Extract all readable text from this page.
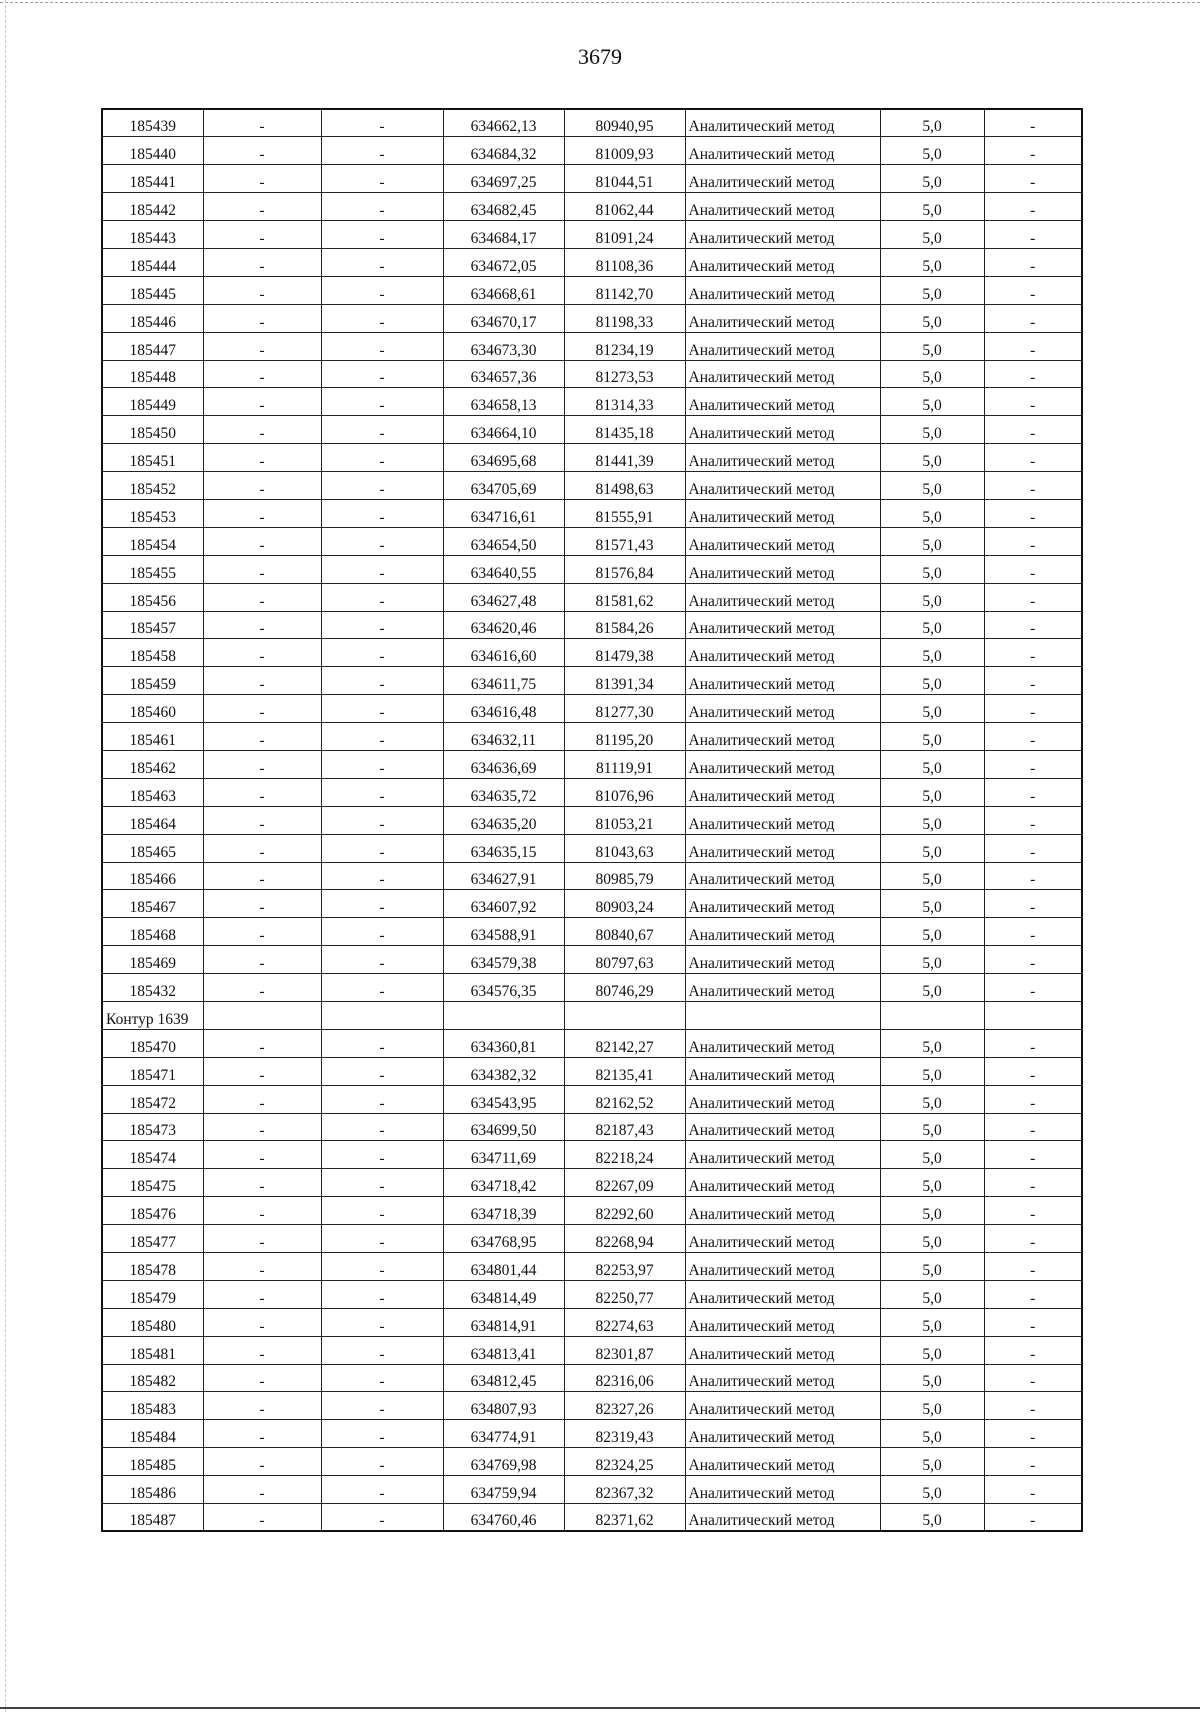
3679
185439	-	-	634662,13	80940,95	Аналитический метод	5,0	-
185440	-	-	634684,32	81009,93	Аналитический метод	5,0	-
185441	-	-	634697,25	81044,51	Аналитический метод	5,0	-
185442	-	-	634682,45	81062,44	Аналитический метод	5,0	-
185443	-	-	634684,17	81091,24	Аналитический метод	5,0	-
185444	-	-	634672,05	81108,36	Аналитический метод	5,0	-
185445	-	-	634668,61	81142,70	Аналитический метод	5,0	-
185446	-	-	634670,17	81198,33	Аналитический метод	5,0	-
185447	-	-	634673,30	81234,19	Аналитический метод	5,0	-
185448	-	-	634657,36	81273,53	Аналитический метод	5,0	-
185449	-	-	634658,13	81314,33	Аналитический метод	5,0	-
185450	-	-	634664,10	81435,18	Аналитический метод	5,0	-
185451	-	-	634695,68	81441,39	Аналитический метод	5,0	-
185452	-	-	634705,69	81498,63	Аналитический метод	5,0	-
185453	-	-	634716,61	81555,91	Аналитический метод	5,0	-
185454	-	-	634654,50	81571,43	Аналитический метод	5,0	-
185455	-	-	634640,55	81576,84	Аналитический метод	5,0	-
185456	-	-	634627,48	81581,62	Аналитический метод	5,0	-
185457	-	-	634620,46	81584,26	Аналитический метод	5,0	-
185458	-	-	634616,60	81479,38	Аналитический метод	5,0	-
185459	-	-	634611,75	81391,34	Аналитический метод	5,0	-
185460	-	-	634616,48	81277,30	Аналитический метод	5,0	-
185461	-	-	634632,11	81195,20	Аналитический метод	5,0	-
185462	-	-	634636,69	81119,91	Аналитический метод	5,0	-
185463	-	-	634635,72	81076,96	Аналитический метод	5,0	-
185464	-	-	634635,20	81053,21	Аналитический метод	5,0	-
185465	-	-	634635,15	81043,63	Аналитический метод	5,0	-
185466	-	-	634627,91	80985,79	Аналитический метод	5,0	-
185467	-	-	634607,92	80903,24	Аналитический метод	5,0	-
185468	-	-	634588,91	80840,67	Аналитический метод	5,0	-
185469	-	-	634579,38	80797,63	Аналитический метод	5,0	-
185432	-	-	634576,35	80746,29	Аналитический метод	5,0	-
Контур 1639							
185470	-	-	634360,81	82142,27	Аналитический метод	5,0	-
185471	-	-	634382,32	82135,41	Аналитический метод	5,0	-
185472	-	-	634543,95	82162,52	Аналитический метод	5,0	-
185473	-	-	634699,50	82187,43	Аналитический метод	5,0	-
185474	-	-	634711,69	82218,24	Аналитический метод	5,0	-
185475	-	-	634718,42	82267,09	Аналитический метод	5,0	-
185476	-	-	634718,39	82292,60	Аналитический метод	5,0	-
185477	-	-	634768,95	82268,94	Аналитический метод	5,0	-
185478	-	-	634801,44	82253,97	Аналитический метод	5,0	-
185479	-	-	634814,49	82250,77	Аналитический метод	5,0	-
185480	-	-	634814,91	82274,63	Аналитический метод	5,0	-
185481	-	-	634813,41	82301,87	Аналитический метод	5,0	-
185482	-	-	634812,45	82316,06	Аналитический метод	5,0	-
185483	-	-	634807,93	82327,26	Аналитический метод	5,0	-
185484	-	-	634774,91	82319,43	Аналитический метод	5,0	-
185485	-	-	634769,98	82324,25	Аналитический метод	5,0	-
185486	-	-	634759,94	82367,32	Аналитический метод	5,0	-
185487	-	-	634760,46	82371,62	Аналитический метод	5,0	-
